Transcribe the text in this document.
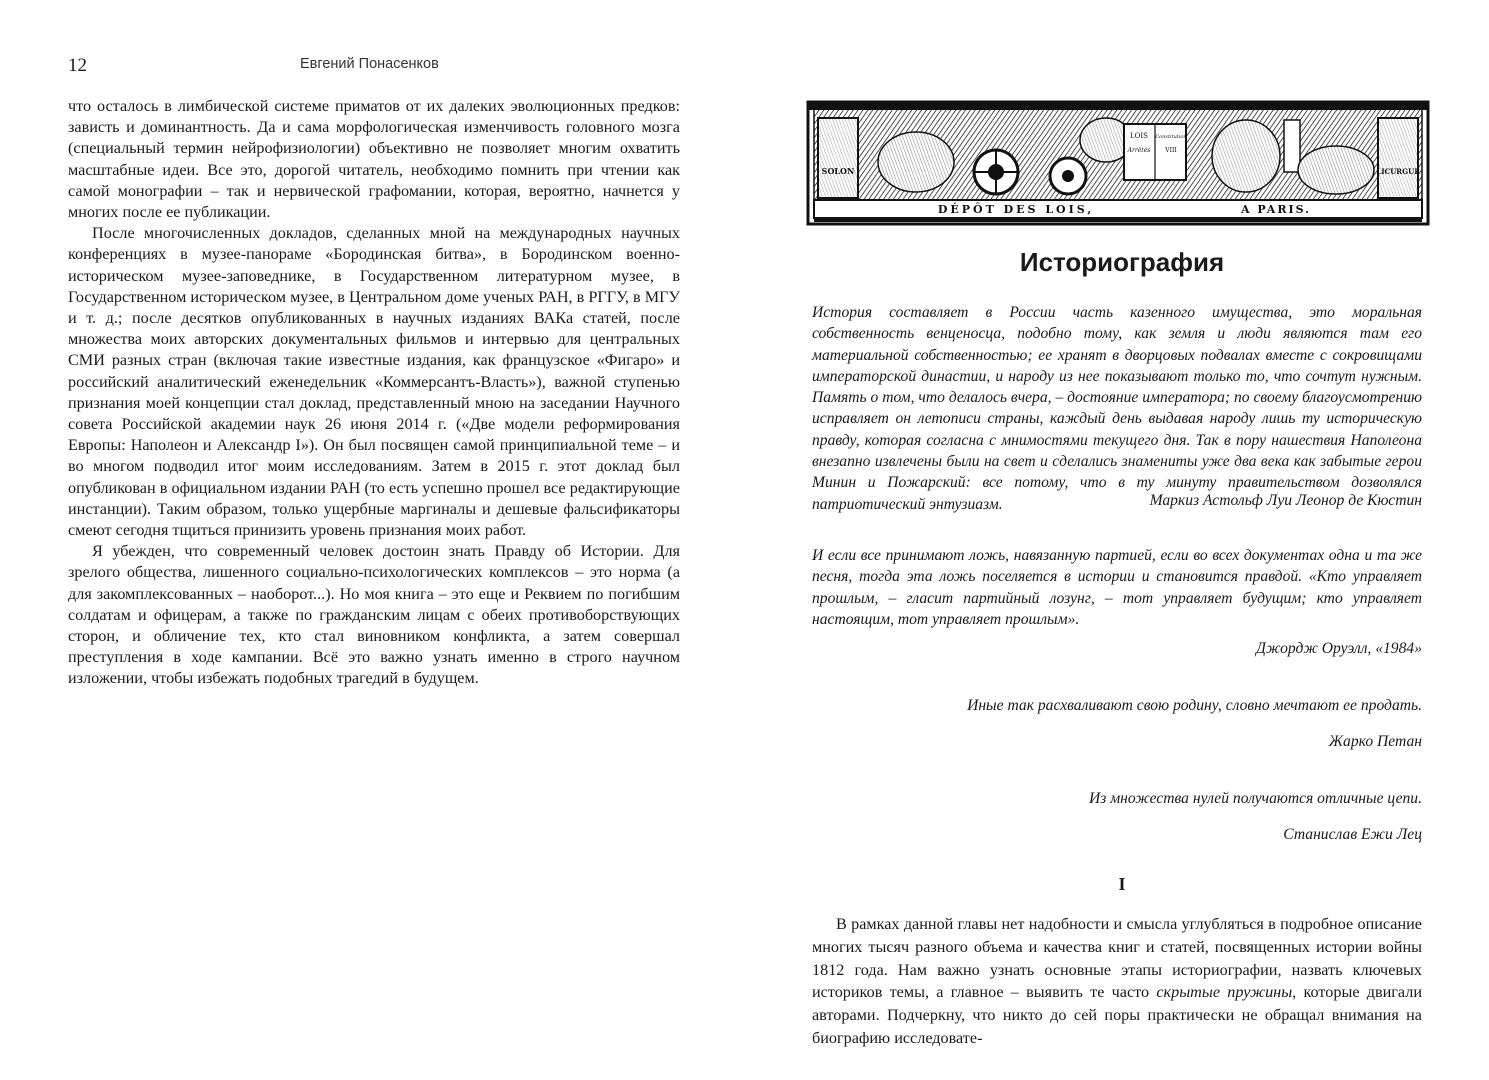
12	Евгений Понасенков

что осталось в лимбической системе приматов от их далеких эволюционных предков: зависть и доминантность. Да и сама морфологическая изменчивость головного мозга (специальный термин нейрофизиологии) объективно не позволяет многим охватить масштабные идеи. Все это, дорогой читатель, необходимо помнить при чтении как самой монографии – так и нервической графомании, которая, вероятно, начнется у многих после ее публикации.

После многочисленных докладов, сделанных мной на международных научных конференциях в музее-панораме «Бородинская битва», в Бородинском военно-историческом музее-заповеднике, в Государственном литературном музее, в Государственном историческом музее, в Центральном доме ученых РАН, в РГГУ, в МГУ и т. д.; после десятков опубликованных в научных изданиях ВАКа статей, после множества моих авторских документальных фильмов и интервью для центральных СМИ разных стран (включая такие известные издания, как французское «Фигаро» и российский аналитический еженедельник «Коммерсантъ-Власть»), важной ступенью признания моей концепции стал доклад, представленный мною на заседании Научного совета Российской академии наук 26 июня 2014 г. («Две модели реформирования Европы: Наполеон и Александр I»). Он был посвящен самой принципиальной теме – и во многом подводил итог моим исследованиям. Затем в 2015 г. этот доклад был опубликован в официальном издании РАН (то есть успешно прошел все редактирующие инстанции). Таким образом, только ущербные маргиналы и дешевые фальсификаторы смеют сегодня тщиться принизить уровень признания моих работ.

Я убежден, что современный человек достоин знать Правду об Истории. Для зрелого общества, лишенного социально-психологических комплексов – это норма (а для закомплексованных – наоборот...). Но моя книга – это еще и Реквием по погибшим солдатам и офицерам, а также по гражданским лицам с обеих противоборствующих сторон, и обличение тех, кто стал виновником конфликта, а затем совершал преступления в ходе кампании. Всё это важно узнать именно в строго научном изложении, чтобы избежать подобных трагедий в будущем.

SOLON	LICURGUE
LOIS
Arrêtés
Constitution
VIII
DÉPÔT DES LOIS,	A PARIS.
Историография

История составляет в России часть казенного имущества, это моральная собственность венценосца, подобно тому, как земля и люди являются там его материальной собственностью; ее хранят в дворцовых подвалах вместе с сокровищами императорской династии, и народу из нее показывают только то, что сочтут нужным. Память о том, что делалось вчера, – достояние императора; по своему благоусмотрению исправляет он летописи страны, каждый день выдавая народу лишь ту историческую правду, которая согласна с мнимостями текущего дня. Так в пору нашествия Наполеона внезапно извлечены были на свет и сделались знамениты уже два века как забытые герои Минин и Пожарский: все потому, что в ту минуту правительством дозволялся патриотический энтузиазм.	Маркиз Астольф Луи Леонор де Кюстин

И если все принимают ложь, навязанную партией, если во всех документах одна и та же песня, тогда эта ложь поселяется в истории и становится правдой. «Кто управляет прошлым, – гласит партийный лозунг, – тот управляет будущим; кто управляет настоящим, тот управляет прошлым».

Джордж Оруэлл, «1984»

Иные так расхваливают свою родину, словно мечтают ее продать.

Жарко Петан

Из множества нулей получаются отличные цепи.

Станислав Ежи Лец
I

В рамках данной главы нет надобности и смысла углубляться в подробное описание многих тысяч разного объема и качества книг и статей, посвященных истории войны 1812 года. Нам важно узнать основные этапы историографии, назвать ключевых историков темы, а главное – выявить те часто скрытые пружины, которые двигали авторами. Подчеркну, что никто до сей поры практически не обращал внимания на биографию исследовате-
